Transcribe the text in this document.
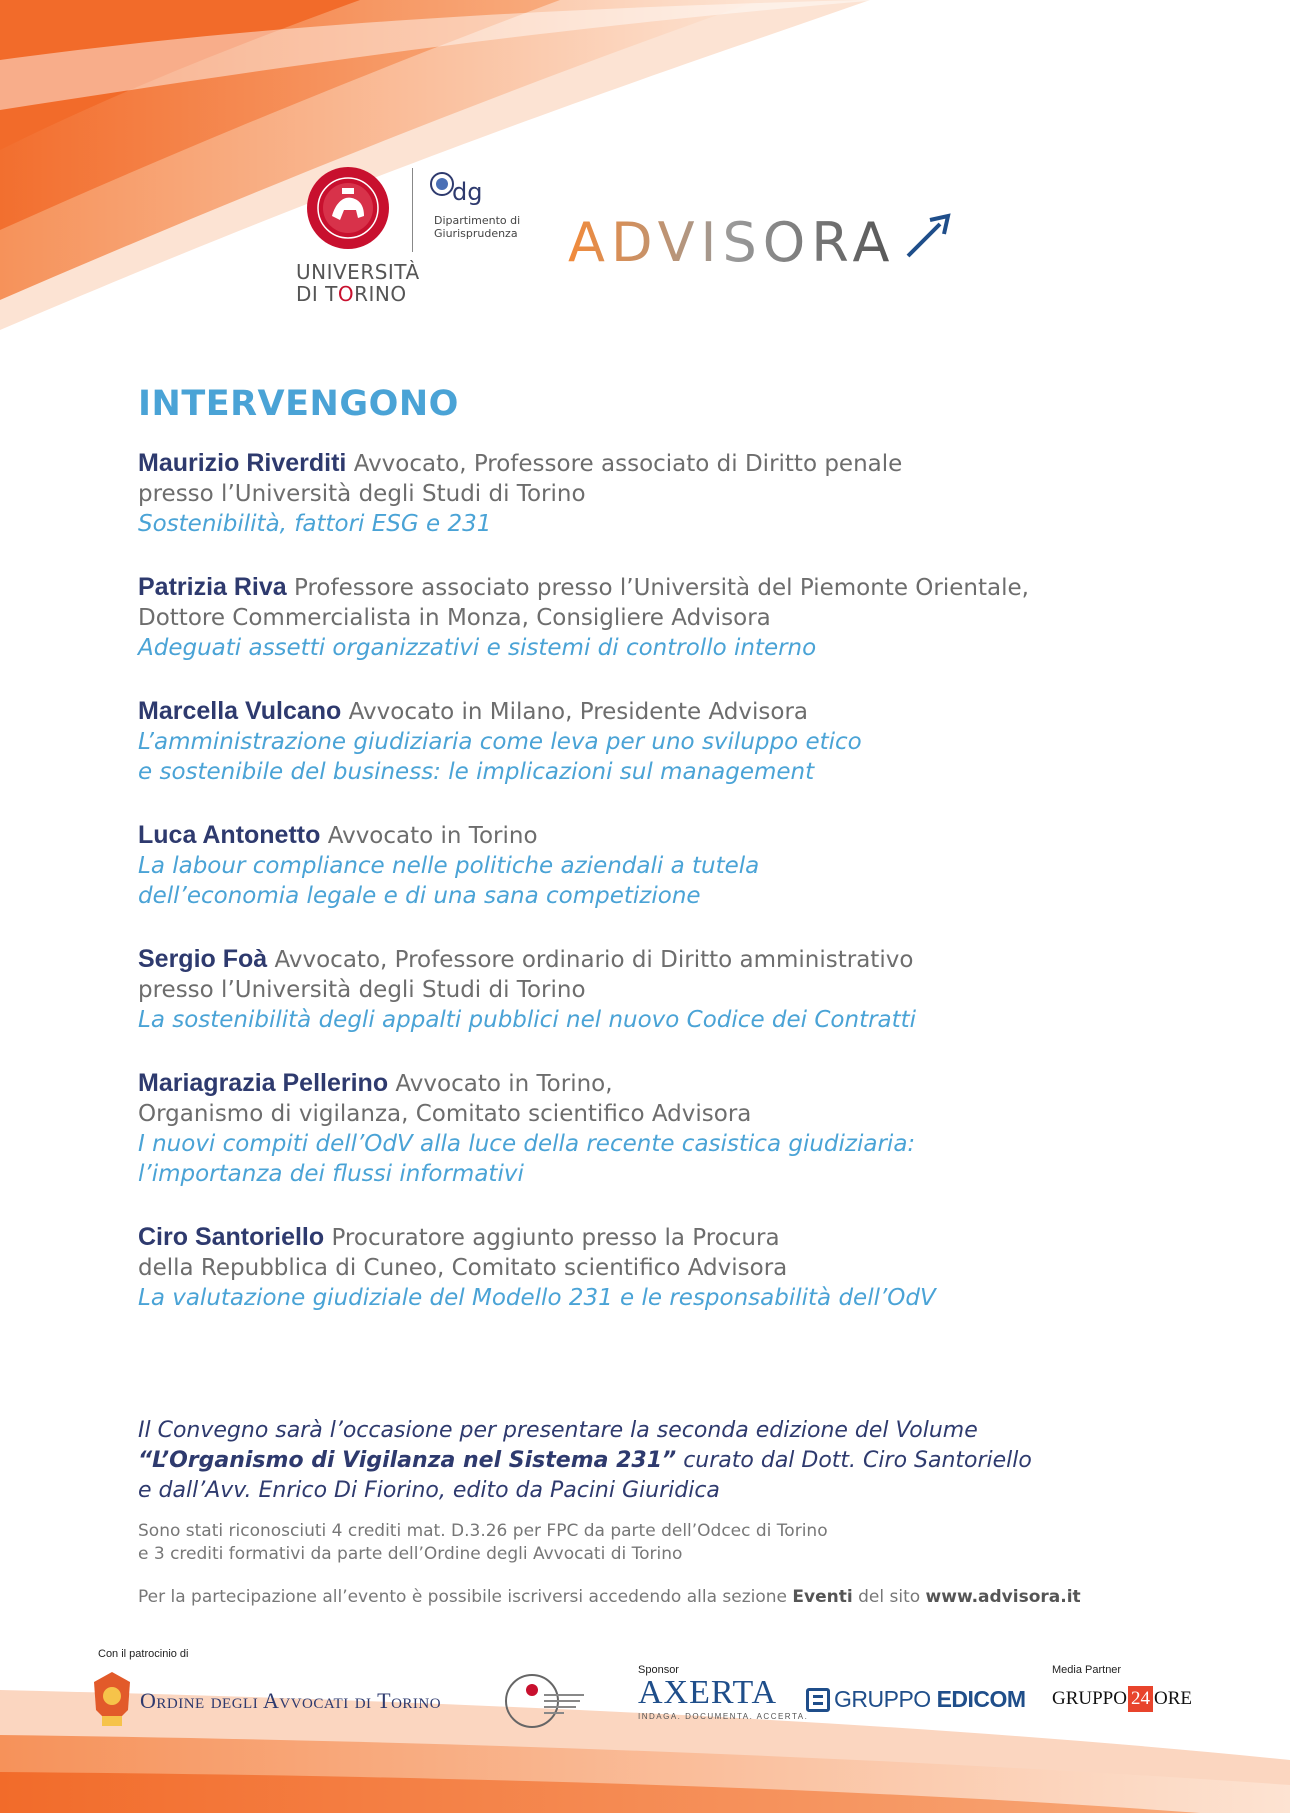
UNIVERSITÀ
DI TORINO
dg
Dipartimento di
Giurisprudenza ADVISORA
INTERVENGONO
Maurizio Riverditi Avvocato, Professore associato di Diritto penale
presso l’Università degli Studi di Torino
Sostenibilità, fattori ESG e 231
Patrizia Riva Professore associato presso l’Università del Piemonte Orientale,
Dottore Commercialista in Monza, Consigliere Advisora
Adeguati assetti organizzativi e sistemi di controllo interno
Marcella Vulcano Avvocato in Milano, Presidente Advisora
L’amministrazione giudiziaria come leva per uno sviluppo etico
e sostenibile del business: le implicazioni sul management
Luca Antonetto Avvocato in Torino
La labour compliance nelle politiche aziendali a tutela
dell’economia legale e di una sana competizione
Sergio Foà Avvocato, Professore ordinario di Diritto amministrativo
presso l’Università degli Studi di Torino
La sostenibilità degli appalti pubblici nel nuovo Codice dei Contratti
Mariagrazia Pellerino Avvocato in Torino,
Organismo di vigilanza, Comitato scientifico Advisora
I nuovi compiti dell’OdV alla luce della recente casistica giudiziaria:
l’importanza dei flussi informativi
Ciro Santoriello Procuratore aggiunto presso la Procura
della Repubblica di Cuneo, Comitato scientifico Advisora
La valutazione giudiziale del Modello 231 e le responsabilità dell’OdV
Il Convegno sarà l’occasione per presentare la seconda edizione del Volume
“L’Organismo di Vigilanza nel Sistema 231” curato dal Dott. Ciro Santoriello
e dall’Avv. Enrico Di Fiorino, edito da Pacini Giuridica
Sono stati riconosciuti 4 crediti mat. D.3.26 per FPC da parte dell’Odcec di Torino
e 3 crediti formativi da parte dell’Ordine degli Avvocati di Torino
Per la partecipazione all’evento è possibile iscriversi accedendo alla sezione Eventi del sito www.advisora.it
Con il patrocinio di
Ordine degli Avvocati di Torino
Sponsor
AXERTA
INDAGA. DOCUMENTA. ACCERTA.
GRUPPO EDICOM
Media Partner
GRUPPO 24 ORE
